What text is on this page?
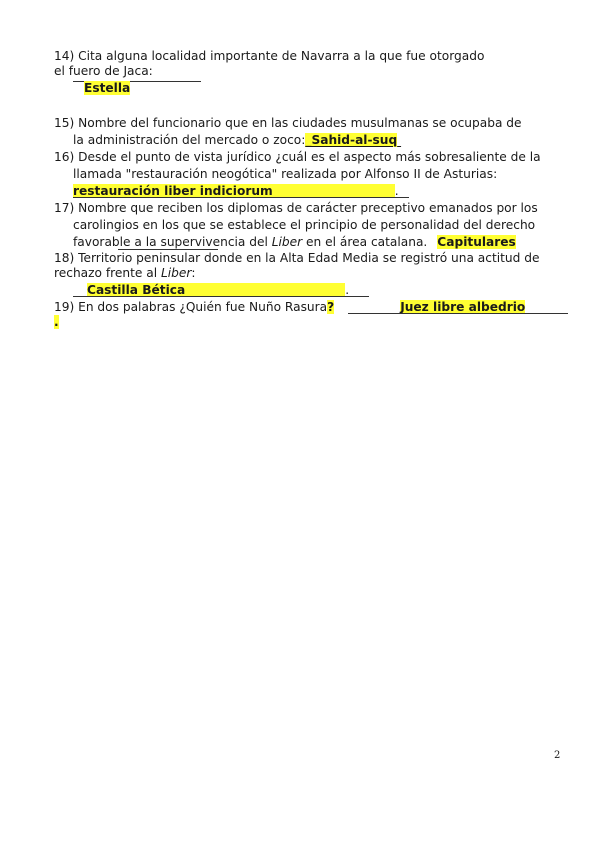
14) Cita alguna localidad importante de Navarra a la que fue otorgado
el fuero de Jaca:
Estella
15) Nombre del funcionario que en las ciudades musulmanas se ocupaba de
la administración del mercado o zoco:_Sahid-al-suq
16) Desde el punto de vista jurídico ¿cuál es el aspecto más sobresaliente de la
llamada "restauración neogótica" realizada por Alfonso II de Asturias:
restauración liber indiciorum	.
17) Nombre que reciben los diplomas de carácter preceptivo emanados por los
carolingios en los que se establece el principio de personalidad del derecho
favorable a la supervivencia del Liber en el área catalana. Capitulares
18) Territorio peninsular donde en la Alta Edad Media se registró una actitud de
rechazo frente al Liber:
Castilla Bética	.
19) En dos palabras ¿Quién fue Nuño Rasura?	Juez libre albedrio
.
2
